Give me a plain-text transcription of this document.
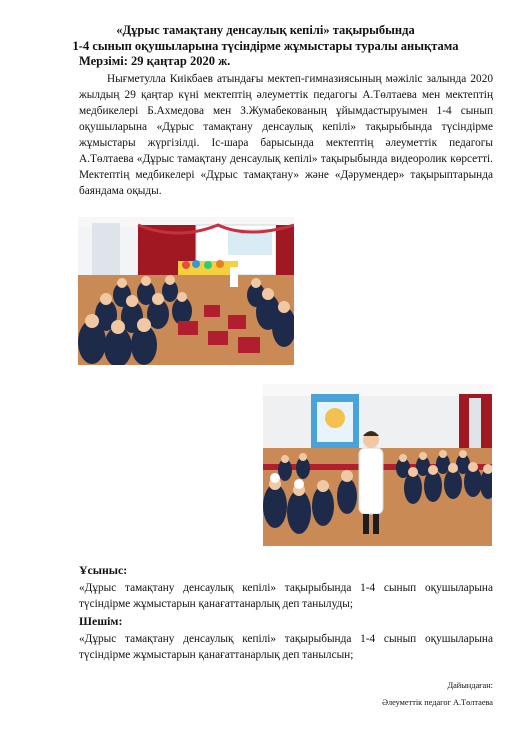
«Дұрыс тамақтану денсаулық кепілі» тақырыбында
1-4 сынып оқушыларына түсіндірме жұмыстары туралы анықтама
Мерзімі: 29 қаңтар 2020 ж.

Нығметулла Киікбаев атындағы мектеп-гимназиясының мәжіліс залында 2020 жылдың 29 қаңтар күні мектептің әлеуметтік педагогы А.Төлтаева мен мектептің медбикелері Б.Ахмедова мен З.Жумабекованың ұйымдастыруымен 1-4 сынып оқушыларына «Дұрыс тамақтану денсаулық кепілі» тақырыбында түсіндірме жұмыстары жүргізілді. Іс-шара барысында мектептің әлеуметтік педагогы А.Төлтаева «Дұрыс тамақтану денсаулық кепілі» тақырыбында видеоролик көрсетті. Мектептің медбикелері «Дұрыс тамақтану» және «Дәрумендер» тақырыптарында баяндама оқыды.

Ұсыныс:

«Дұрыс тамақтану денсаулық кепілі» тақырыбында 1-4 сынып оқушыларына түсіндірме жұмыстарын қанағаттанарлық деп танылуды;

Шешім:

«Дұрыс тамақтану денсаулық кепілі» тақырыбында 1-4 сынып оқушыларына түсіндірме жұмыстарын қанағаттанарлық деп танылсын;

Дайындаған:
Әлеуметтік педагог А.Төлтаева
